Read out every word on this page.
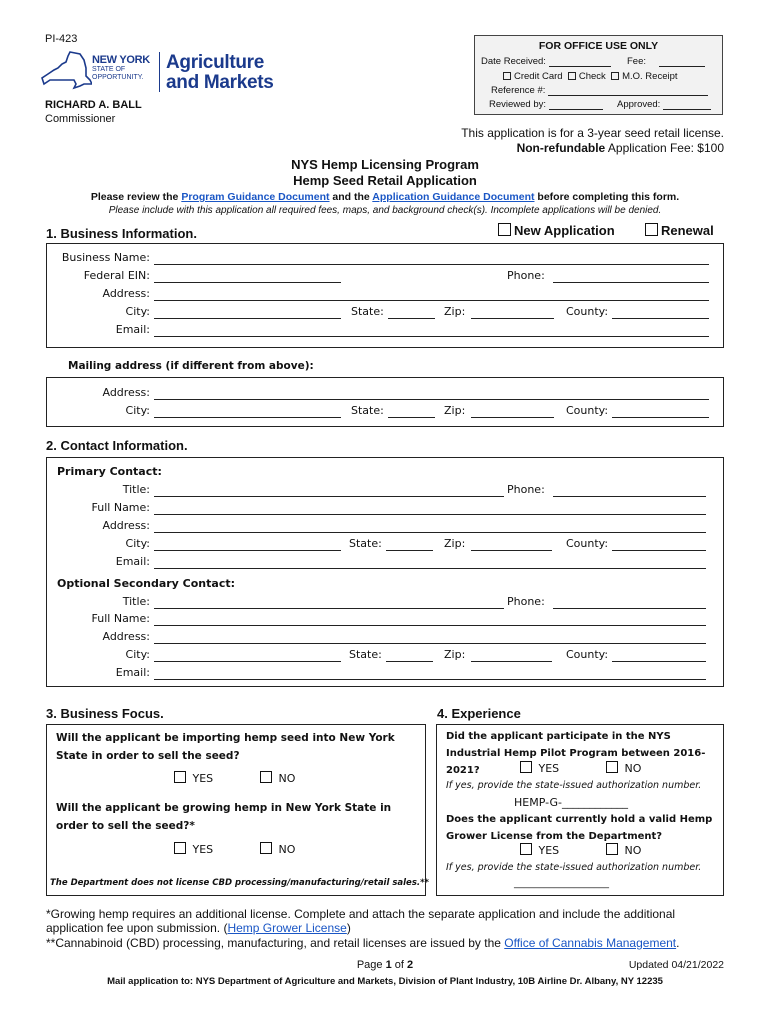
PI-423
NEW YORK
STATE OF
OPPORTUNITY.
Agriculture
and Markets
RICHARD A. BALL
Commissioner
FOR OFFICE USE ONLY
Date Received:	Fee:
Credit Card Check M.O. Receipt
Reference #:
Reviewed by:	Approved:
This application is for a 3-year seed retail license.
Non-refundable Application Fee: $100
NYS Hemp Licensing Program
Hemp Seed Retail Application
Please review the Program Guidance Document and the Application Guidance Document before completing this form.
Please include with this application all required fees, maps, and background check(s). Incomplete applications will be denied.
1. Business Information.	New Application	Renewal
Business Name:
Federal EIN:	Phone:
Address:
City:	State:	Zip:	County:
Email:
Mailing address (if different from above):
Address:
City:	State:	Zip:	County:
2. Contact Information.
Primary Contact:
Title:	Phone:
Full Name:
Address:
City:	State:	Zip:	County:
Email:
Optional Secondary Contact:
Title:	Phone:
Full Name:
Address:
City:	State:	Zip:	County:
Email:
3. Business Focus.
Will the applicant be importing hemp seed into New York State in order to sell the seed?
YES	NO
Will the applicant be growing hemp in New York State in order to sell the seed?*
YES	NO
The Department does not license CBD processing/manufacturing/retail sales.**
4. Experience
Did the applicant participate in the NYS Industrial Hemp Pilot Program between 2016-2021?	YES	NO
If yes, provide the state-issued authorization number.
HEMP-G-____________
Does the applicant currently hold a valid Hemp Grower License from the Department?
YES	NO
If yes, provide the state-issued authorization number.
___________________
*Growing hemp requires an additional license. Complete and attach the separate application and include the additional application fee upon submission. (Hemp Grower License)
**Cannabinoid (CBD) processing, manufacturing, and retail licenses are issued by the Office of Cannabis Management.
Page 1 of 2	Updated 04/21/2022
Mail application to: NYS Department of Agriculture and Markets, Division of Plant Industry, 10B Airline Dr. Albany, NY 12235
